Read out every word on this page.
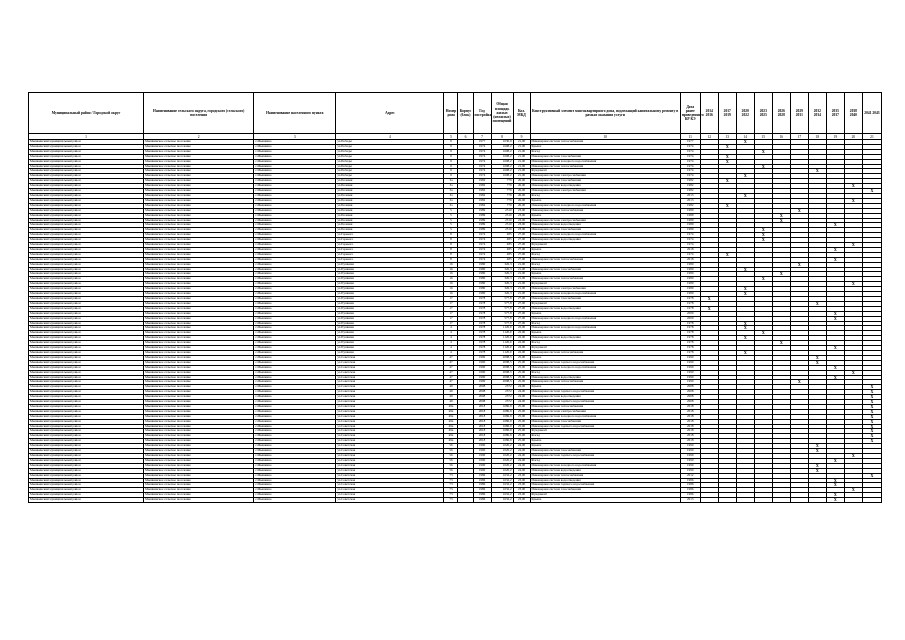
Муниципальный район / Городской округ	Наименование сельского округа, городского (сельского) поселения	Наименование населенного пункта	Адрес	Номер дома	Корпус (блок)	Год постройки	Общая площадь жилых (нежилых) помещений	Кол. МКД	Конструктивный элемент многоквартирного дома, подлежащий капитальному ремонту в рамках оказания услуги	Дата ранее проведенного КР КЭ	2014 2016	2017 2019	2020 2022	2023 2025	2026 2028	2029 2031	2032 2034	2035 2037	2038 2040	2041 2043
1	2	3	4	5	6	7	8	9	10	11	12	13	14	15	16	17	18	19	20	21
Мышкинский муниципальный район	Мышкинское сельское поселение	с.Мышкино	ул.Победы	9		1977	1030,9	21,00	Инженерная система теплоснабжения	1977			X							
Мышкинский муниципальный район	Мышкинское сельское поселение	с.Мышкино	ул.Победы	9		1974	1608,2	21,00	Крыша	1974		X								
Мышкинский муниципальный район	Мышкинское сельское поселение	с.Мышкино	ул.Победы	9		1974	1608,2	21,00	Фасад	1974				X						
Мышкинский муниципальный район	Мышкинское сельское поселение	с.Мышкино	ул.Победы	9		1974	1608,2	21,00	Инженерная система газоснабжения	1974		X								
Мышкинский муниципальный район	Мышкинское сельское поселение	с.Мышкино	ул.Победы	9		1974	1608,2	21,00	Инженерная система холодного водоснабжения	1974		X								
Мышкинский муниципальный район	Мышкинское сельское поселение	с.Мышкино	ул.Победы	9		1974	1608,2	21,00	Инженерная система теплоснабжения	1974				X						
Мышкинский муниципальный район	Мышкинское сельское поселение	с.Мышкино	ул.Победы	9		1974	1608,2	21,00	Фундамент	1974							X			
Мышкинский муниципальный район	Мышкинское сельское поселение	с.Мышкино	ул.Победы	9		1974	1608,2	21,00	Инженерная система электроснабжения	1974			X							
Мышкинский муниципальный район	Мышкинское сельское поселение	с.Мышкино	ул.Полевая	3а		1982	779	26,00	Инженерная система газоснабжения	1982		X								
Мышкинский муниципальный район	Мышкинское сельское поселение	с.Мышкино	ул.Полевая	3а		1982	779	26,00	Инженерная система водоотведения	1982									X	
Мышкинский муниципальный район	Мышкинское сельское поселение	с.Мышкино	ул.Полевая	3а		1982	779	26,00	Инженерная система электроснабжения	1982										X
Мышкинский муниципальный район	Мышкинское сельское поселение	с.Мышкино	ул.Полевая	3а		1982	779	26,00	Фасад	2013			X							
Мышкинский муниципальный район	Мышкинское сельское поселение	с.Мышкино	ул.Полевая	3а		1982	779	26,00	Крыша	2013									X	
Мышкинский муниципальный район	Мышкинское сельское поселение	с.Мышкино	ул.Полевая	3а		1982	779	26,00	Инженерная система холодного водоснабжения	1982		X								
Мышкинский муниципальный район	Мышкинское сельское поселение	с.Мышкино	ул.Полевая	5		1989	2310	23,00	Инженерная система теплоснабжения	1989						X				
Мышкинский муниципальный район	Мышкинское сельское поселение	с.Мышкино	ул.Полевая	5		1989	2310	23,00	Крыша	1989					X					
Мышкинский муниципальный район	Мышкинское сельское поселение	с.Мышкино	ул.Полевая	5		1989	2310	23,00	Инженерная система электроснабжения	1989					X					
Мышкинский муниципальный район	Мышкинское сельское поселение	с.Мышкино	ул.Полевая	5		1989	2310	23,00	Инженерная система водоотведения	1989								X		
Мышкинский муниципальный район	Мышкинское сельское поселение	с.Мышкино	ул.Полевая	5		1989	2310	23,00	Инженерная система газоснабжения	1989				X						
Мышкинский муниципальный район	Мышкинское сельское поселение	с.Мышкино	ул.Горького	8		1974	485	27,00	Инженерная система холодного водоснабжения	1974				X						
Мышкинский муниципальный район	Мышкинское сельское поселение	с.Мышкино	ул.Горького	8		1974	485	27,00	Инженерная система водоотведения	1974				X						
Мышкинский муниципальный район	Мышкинское сельское поселение	с.Мышкино	ул.Горького	8		1974	485	27,00	Фундамент	1974									X	
Мышкинский муниципальный район	Мышкинское сельское поселение	с.Мышкино	ул.Горького	8		1974	485	27,00	Крыша	2018								X		
Мышкинский муниципальный район	Мышкинское сельское поселение	с.Мышкино	ул.Горького	8		1974	485	27,00	Фасад	1974		X								
Мышкинский муниципальный район	Мышкинское сельское поселение	с.Мышкино	ул.Горького	8		1974	485	27,00	Инженерная система теплоснабжения	2018								X		
Мышкинский муниципальный район	Мышкинское сельское поселение	с.Мышкино	ул.Пушкина	16		1980	326,3	21,00	Фасад	1980						X				
Мышкинский муниципальный район	Мышкинское сельское поселение	с.Мышкино	ул.Пушкина	16		1980	326,3	21,00	Инженерная система газоснабжения	1980			X							
Мышкинский муниципальный район	Мышкинское сельское поселение	с.Мышкино	ул.Пушкина	16		1980	326,3	21,00	Крыша	1980					X					
Мышкинский муниципальный район	Мышкинское сельское поселение	с.Мышкино	ул.Пушкина	16		1980	326,3	21,00	Инженерная система теплоснабжения	1980				X						
Мышкинский муниципальный район	Мышкинское сельское поселение	с.Мышкино	ул.Пушкина	16		1980	326,3	21,00	Фундамент	1980									X	
Мышкинский муниципальный район	Мышкинское сельское поселение	с.Мышкино	ул.Пушкина	16		1980	326,3	21,00	Инженерная система электроснабжения	1980			X							
Мышкинский муниципальный район	Мышкинское сельское поселение	с.Мышкино	ул.Пушкина	16		1980	326,3	21,00	Инженерная система холодного водоснабжения	1980			X							
Мышкинский муниципальный район	Мышкинское сельское поселение	с.Мышкино	ул.Пушкина	17		1978	577,8	27,00	Инженерная система газоснабжения	1978	X									
Мышкинский муниципальный район	Мышкинское сельское поселение	с.Мышкино	ул.Пушкина	17		1978	577,8	27,00	Фундамент	1978							X			
Мышкинский муниципальный район	Мышкинское сельское поселение	с.Мышкино	ул.Пушкина	17		1978	577,8	27,00	Инженерная система водоотведения	1978	X									
Мышкинский муниципальный район	Мышкинское сельское поселение	с.Мышкино	ул.Пушкина	17		1978	577,8	27,00	Крыша	2009								X		
Мышкинский муниципальный район	Мышкинское сельское поселение	с.Мышкино	ул.Пушкина	17		1978	577,8	27,00	Инженерная система холодного водоснабжения	2009								X		
Мышкинский муниципальный район	Мышкинское сельское поселение	с.Мышкино	ул.Пушкина	17		1978	577,8	27,00	Фасад	1978			X							
Мышкинский муниципальный район	Мышкинское сельское поселение	с.Мышкино	ул.Пушкина	4		1978	1120,9	22,00	Инженерная система холодного водоснабжения	1978			X							
Мышкинский муниципальный район	Мышкинское сельское поселение	с.Мышкино	ул.Пушкина	4		1978	1120,9	22,00	Крыша	1978				X						
Мышкинский муниципальный район	Мышкинское сельское поселение	с.Мышкино	ул.Пушкина	4		1978	1120,9	22,00	Инженерная система водоотведения	1978			X							
Мышкинский муниципальный район	Мышкинское сельское поселение	с.Мышкино	ул.Пушкина	4		1978	1120,9	22,00	Фасад	1978					X					
Мышкинский муниципальный район	Мышкинское сельское поселение	с.Мышкино	ул.Пушкина	4		1978	1120,9	22,00	Фундамент	1978								X		
Мышкинский муниципальный район	Мышкинское сельское поселение	с.Мышкино	ул.Пушкина	4		1978	1120,9	22,00	Инженерная система теплоснабжения	1978			X							
Мышкинский муниципальный район	Мышкинское сельское поселение	с.Мышкино	ул.Советская	47		1990	2098,5	25,00	Крыша	1990							X			
Мышкинский муниципальный район	Мышкинское сельское поселение	с.Мышкино	ул.Советская	47		1990	2098,5	25,00	Инженерная система горячего водоснабжения	1990							X			
Мышкинский муниципальный район	Мышкинское сельское поселение	с.Мышкино	ул.Советская	47		1990	2098,5	25,00	Инженерная система холодного водоснабжения	1990								X		
Мышкинский муниципальный район	Мышкинское сельское поселение	с.Мышкино	ул.Советская	47		1990	2098,5	25,00	Фасад	1990									X	
Мышкинский муниципальный район	Мышкинское сельское поселение	с.Мышкино	ул.Советская	47		1990	2098,5	25,00	Инженерная система водоотведения	1990								X		
Мышкинский муниципальный район	Мышкинское сельское поселение	с.Мышкино	ул.Советская	47		1990	2098,5	25,00	Инженерная система теплоснабжения	1990						X				
Мышкинский муниципальный район	Мышкинское сельское поселение	с.Мышкино	ул.Советская	49		2008	2372	24,00	Крыша	2008										X
Мышкинский муниципальный район	Мышкинское сельское поселение	с.Мышкино	ул.Советская	49		2008	2372	24,00	Инженерная система горячего водоснабжения	2008										X
Мышкинский муниципальный район	Мышкинское сельское поселение	с.Мышкино	ул.Советская	49		2008	2372	24,00	Инженерная система водоотведения	2008										X
Мышкинский муниципальный район	Мышкинское сельское поселение	с.Мышкино	ул.Советская	49		2008	2372	24,00	Инженерная система горячего водоснабжения	2008										X
Мышкинский муниципальный район	Мышкинское сельское поселение	с.Мышкино	ул.Советская	49а		2018	1686,9	25,00	Инженерная система теплоснабжения	2018										X
Мышкинский муниципальный район	Мышкинское сельское поселение	с.Мышкино	ул.Советская	49а		2018	1686,9	25,00	Инженерная система электроснабжения	2018										X
Мышкинский муниципальный район	Мышкинское сельское поселение	с.Мышкино	ул.Советская	49а		2018	1686,9	25,00	Инженерная система холодного водоснабжения	2018										X
Мышкинский муниципальный район	Мышкинское сельское поселение	с.Мышкино	ул.Советская	49а		2018	1686,9	25,00	Инженерная система газоснабжения	2018										X
Мышкинский муниципальный район	Мышкинское сельское поселение	с.Мышкино	ул.Советская	49а		2018	1686,9	25,00	Инженерная система горячего водоснабжения	2018										X
Мышкинский муниципальный район	Мышкинское сельское поселение	с.Мышкино	ул.Советская	49а		2018	1686,9	25,00	Фундамент	2018										X
Мышкинский муниципальный район	Мышкинское сельское поселение	с.Мышкино	ул.Советская	49а		2018	1686,9	25,00	Фасад	2018										X
Мышкинский муниципальный район	Мышкинское сельское поселение	с.Мышкино	ул.Советская	49а		2018	1686,9	25,00	Крыша	2018										X
Мышкинский муниципальный район	Мышкинское сельское поселение	с.Мышкино	ул.Советская	56		1990	1020,2	24,00	Крыша	1990							X			
Мышкинский муниципальный район	Мышкинское сельское поселение	с.Мышкино	ул.Советская	56		1990	1020,2	24,00	Инженерная система газоснабжения	1990							X			
Мышкинский муниципальный район	Мышкинское сельское поселение	с.Мышкино	ул.Советская	56		1990	1020,2	24,00	Инженерная система горячего водоснабжения	1990									X	
Мышкинский муниципальный район	Мышкинское сельское поселение	с.Мышкино	ул.Советская	56		1990	1020,2	24,00	Фасад	1990								X		
Мышкинский муниципальный район	Мышкинское сельское поселение	с.Мышкино	ул.Советская	56		1990	1020,2	24,00	Инженерная система холодного водоснабжения	1990							X			
Мышкинский муниципальный район	Мышкинское сельское поселение	с.Мышкино	ул.Советская	56		1990	1020,2	24,00	Инженерная система водоотведения	1990							X			
Мышкинский муниципальный район	Мышкинское сельское поселение	с.Мышкино	ул.Советская	73		1986	1632,2	23,00	Инженерная система теплоснабжения	2012										X
Мышкинский муниципальный район	Мышкинское сельское поселение	с.Мышкино	ул.Советская	73		1986	1632,2	23,00	Инженерная система водоотведения	1986								X		
Мышкинский муниципальный район	Мышкинское сельское поселение	с.Мышкино	ул.Советская	73		1986	1632,2	23,00	Инженерная система горячего водоснабжения	1986								X		
Мышкинский муниципальный район	Мышкинское сельское поселение	с.Мышкино	ул.Советская	73		1986	1632,2	23,00	Инженерная система газоснабжения	1986									X	
Мышкинский муниципальный район	Мышкинское сельское поселение	с.Мышкино	ул.Советская	73		1986	1632,2	23,00	Фундамент	1986								X		
Мышкинский муниципальный район	Мышкинское сельское поселение	с.Мышкино	ул.Советская	73		1986	1632,2	23,00	Крыша	2013								X		
